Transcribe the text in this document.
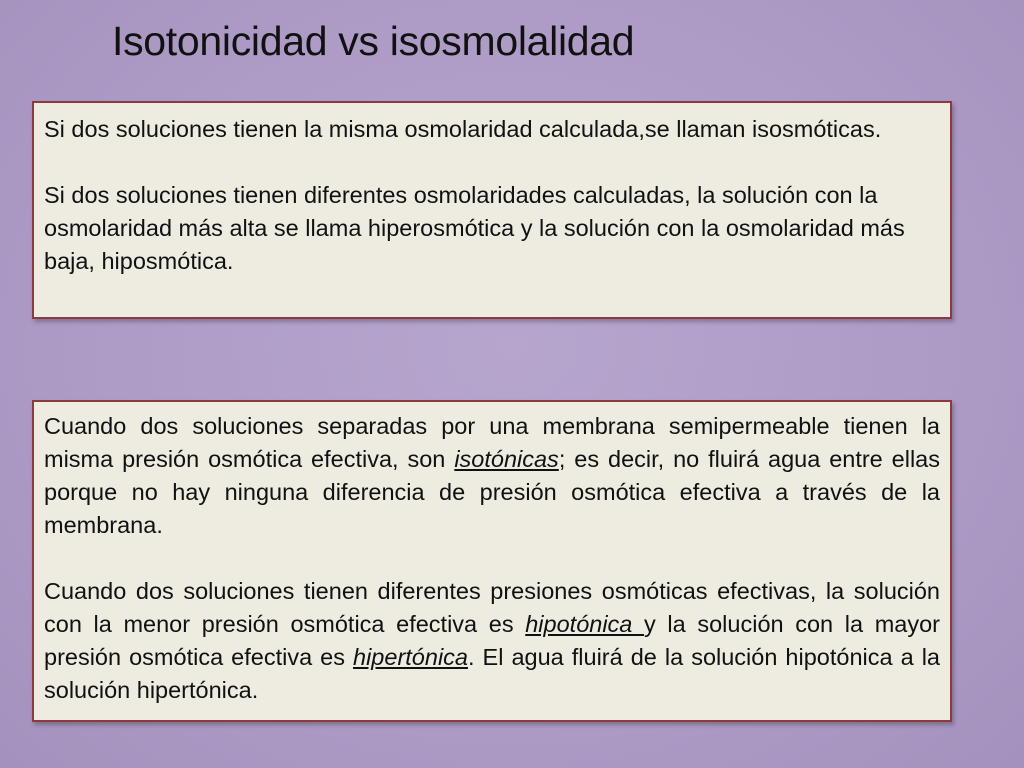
Isotonicidad vs isosmolalidad

Si dos soluciones tienen la misma osmolaridad calculada,se llaman isosmóticas.

Si dos soluciones tienen diferentes osmolaridades calculadas, la solución con la osmolaridad más alta se llama hiperosmótica y la solución con la osmolaridad más baja, hiposmótica.

Cuando dos soluciones separadas por una membrana semipermeable tienen la misma presión osmótica efectiva, son isotónicas; es decir, no fluirá agua entre ellas porque no hay ninguna diferencia de presión osmótica efectiva a través de la membrana.

Cuando dos soluciones tienen diferentes presiones osmóticas efectivas, la solución con la menor presión osmótica efectiva es hipotónica y la solución con la mayor presión osmótica efectiva es hipertónica. El agua fluirá de la solución hipotónica a la solución hipertónica.
